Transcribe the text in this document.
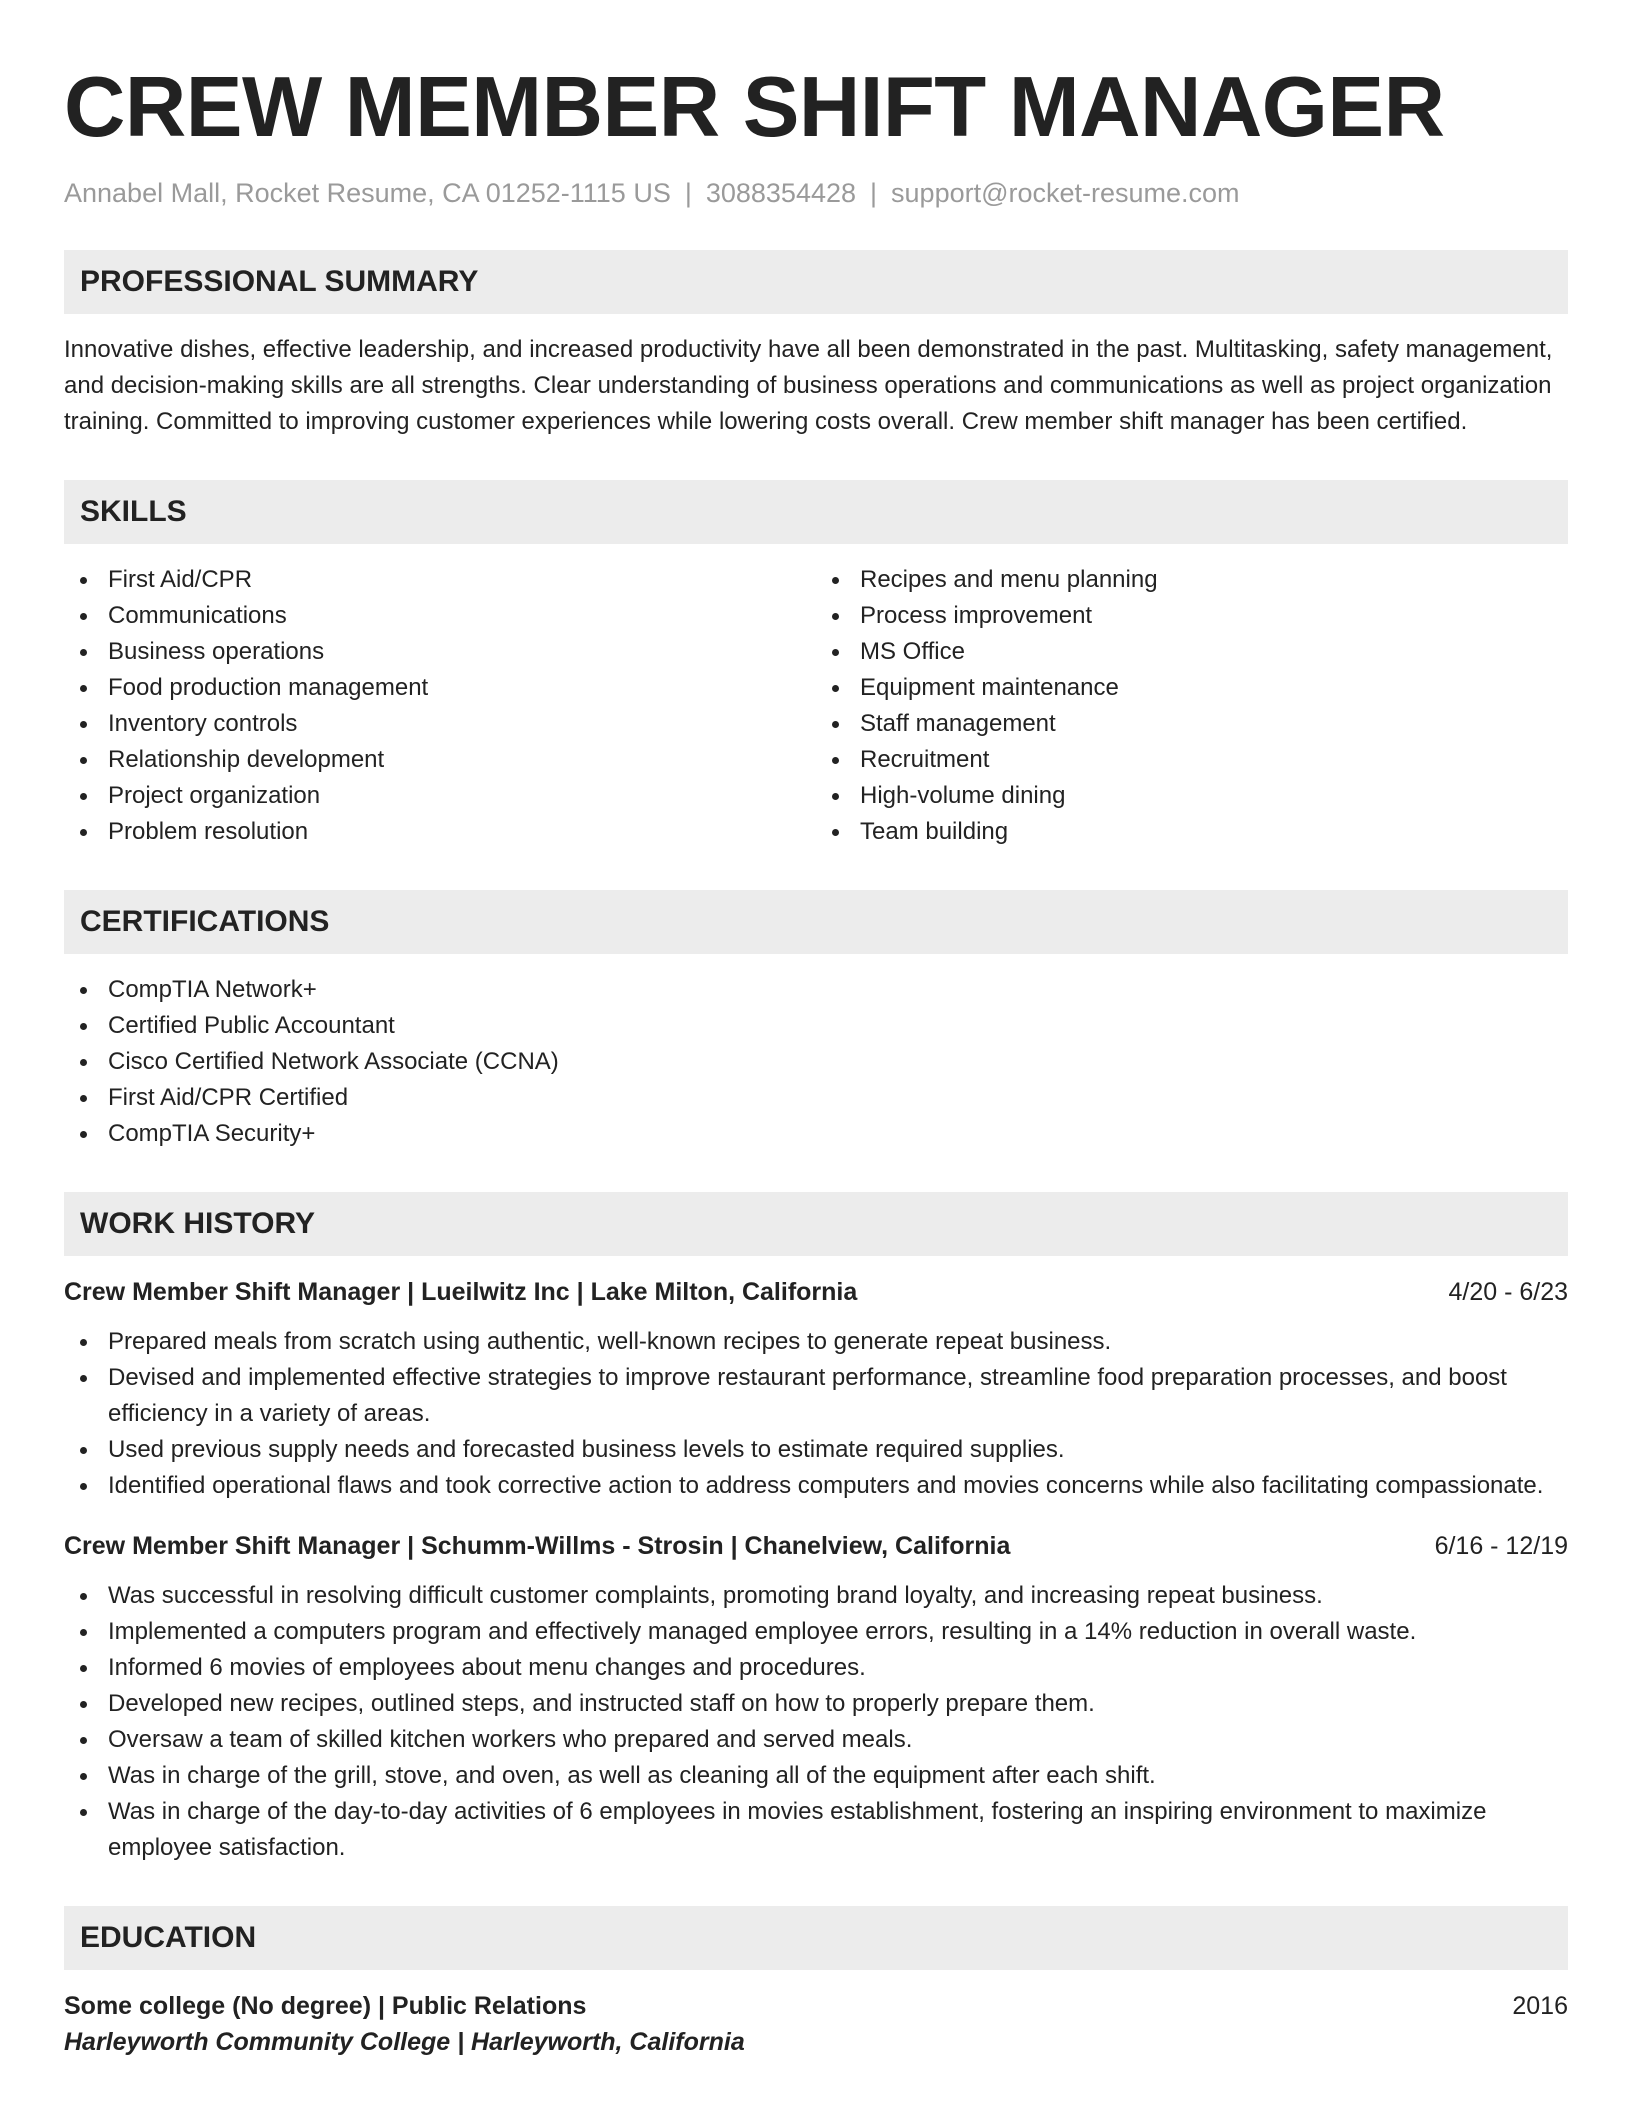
CREW MEMBER SHIFT MANAGER
Annabel Mall, Rocket Resume, CA 01252-1115 US | 3088354428 | support@rocket-resume.com
PROFESSIONAL SUMMARY

Innovative dishes, effective leadership, and increased productivity have all been demonstrated in the past. Multitasking, safety management, and decision-making skills are all strengths. Clear understanding of business operations and communications as well as project organization training. Committed to improving customer experiences while lowering costs overall. Crew member shift manager has been certified.

SKILLS
First Aid/CPR
Communications
Business operations
Food production management
Inventory controls
Relationship development
Project organization
Problem resolution
Recipes and menu planning
Process improvement
MS Office
Equipment maintenance
Staff management
Recruitment
High-volume dining
Team building
CERTIFICATIONS
CompTIA Network+
Certified Public Accountant
Cisco Certified Network Associate (CCNA)
First Aid/CPR Certified
CompTIA Security+
WORK HISTORY
Crew Member Shift Manager | Lueilwitz Inc | Lake Milton, California	4/20 - 6/23
Prepared meals from scratch using authentic, well-known recipes to generate repeat business.
Devised and implemented effective strategies to improve restaurant performance, streamline food preparation processes, and boost efficiency in a variety of areas.
Used previous supply needs and forecasted business levels to estimate required supplies.
Identified operational flaws and took corrective action to address computers and movies concerns while also facilitating compassionate.
Crew Member Shift Manager | Schumm-Willms - Strosin | Chanelview, California	6/16 - 12/19
Was successful in resolving difficult customer complaints, promoting brand loyalty, and increasing repeat business.
Implemented a computers program and effectively managed employee errors, resulting in a 14% reduction in overall waste.
Informed 6 movies of employees about menu changes and procedures.
Developed new recipes, outlined steps, and instructed staff on how to properly prepare them.
Oversaw a team of skilled kitchen workers who prepared and served meals.
Was in charge of the grill, stove, and oven, as well as cleaning all of the equipment after each shift.
Was in charge of the day-to-day activities of 6 employees in movies establishment, fostering an inspiring environment to maximize employee satisfaction.
EDUCATION
Some college (No degree) | Public Relations	2016
Harleyworth Community College | Harleyworth, California
